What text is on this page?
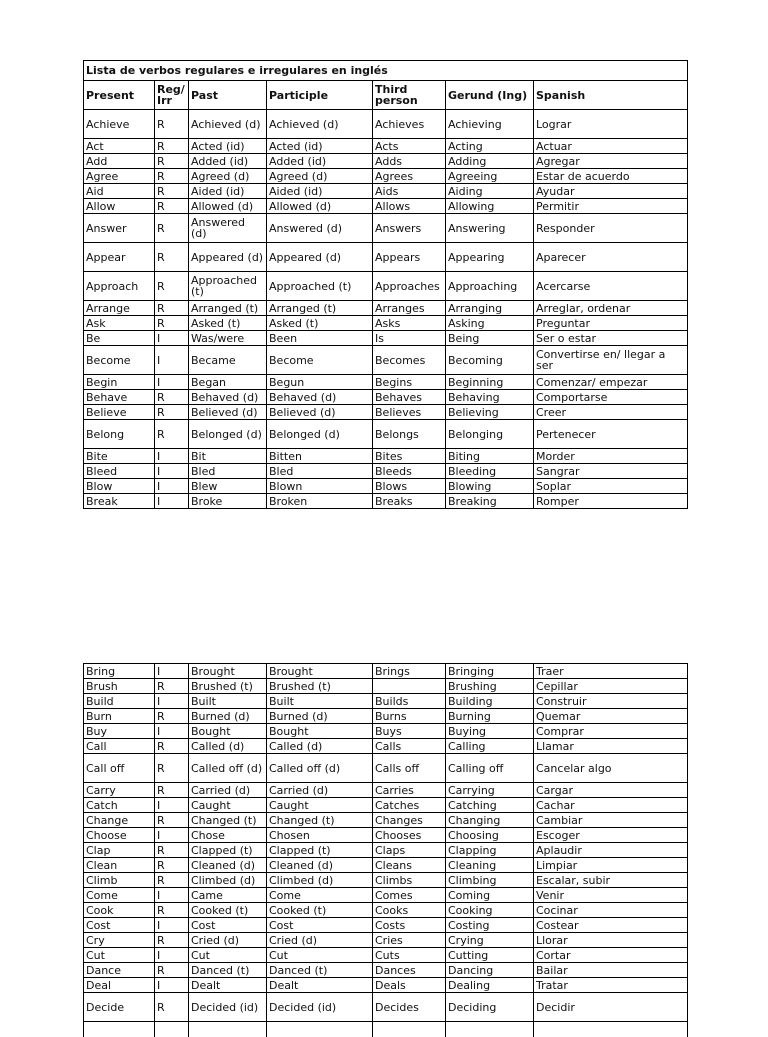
Lista de verbos regulares e irregulares en inglés						
Present	Reg/ Irr	Past	Participle	Third person	Gerund (Ing)	Spanish
Achieve	R	Achieved (d)	Achieved (d)	Achieves	Achieving	Lograr
Act	R	Acted (id)	Acted (id)	Acts	Acting	Actuar
Add	R	Added (id)	Added (id)	Adds	Adding	Agregar
Agree	R	Agreed (d)	Agreed (d)	Agrees	Agreeing	Estar de acuerdo
Aid	R	Aided (id)	Aided (id)	Aids	Aiding	Ayudar
Allow	R	Allowed (d)	Allowed (d)	Allows	Allowing	Permitir
Answer	R	Answered (d)	Answered (d)	Answers	Answering	Responder
Appear	R	Appeared (d)	Appeared (d)	Appears	Appearing	Aparecer
Approach	R	Approached (t)	Approached (t)	Approaches	Approaching	Acercarse
Arrange	R	Arranged (t)	Arranged (t)	Arranges	Arranging	Arreglar, ordenar
Ask	R	Asked (t)	Asked (t)	Asks	Asking	Preguntar
Be	I	Was/were	Been	Is	Being	Ser o estar
Become	I	Became	Become	Becomes	Becoming	Convertirse en/ llegar a ser
Begin	I	Began	Begun	Begins	Beginning	Comenzar/ empezar
Behave	R	Behaved (d)	Behaved (d)	Behaves	Behaving	Comportarse
Believe	R	Believed (d)	Believed (d)	Believes	Believing	Creer
Belong	R	Belonged (d)	Belonged (d)	Belongs	Belonging	Pertenecer
Bite	I	Bit	Bitten	Bites	Biting	Morder
Bleed	I	Bled	Bled	Bleeds	Bleeding	Sangrar
Blow	I	Blew	Blown	Blows	Blowing	Soplar
Break	I	Broke	Broken	Breaks	Breaking	Romper
Bring	I	Brought	Brought	Brings	Bringing	Traer
Brush	R	Brushed (t)	Brushed (t)		Brushing	Cepillar
Build	I	Built	Built	Builds	Building	Construir
Burn	R	Burned (d)	Burned (d)	Burns	Burning	Quemar
Buy	I	Bought	Bought	Buys	Buying	Comprar
Call	R	Called (d)	Called (d)	Calls	Calling	Llamar
Call off	R	Called off (d)	Called off (d)	Calls off	Calling off	Cancelar algo
Carry	R	Carried (d)	Carried (d)	Carries	Carrying	Cargar
Catch	I	Caught	Caught	Catches	Catching	Cachar
Change	R	Changed (t)	Changed (t)	Changes	Changing	Cambiar
Choose	I	Chose	Chosen	Chooses	Choosing	Escoger
Clap	R	Clapped (t)	Clapped (t)	Claps	Clapping	Aplaudir
Clean	R	Cleaned (d)	Cleaned (d)	Cleans	Cleaning	Limpiar
Climb	R	Climbed (d)	Climbed (d)	Climbs	Climbing	Escalar, subir
Come	I	Came	Come	Comes	Coming	Venir
Cook	R	Cooked (t)	Cooked (t)	Cooks	Cooking	Cocinar
Cost	I	Cost	Cost	Costs	Costing	Costear
Cry	R	Cried (d)	Cried (d)	Cries	Crying	Llorar
Cut	I	Cut	Cut	Cuts	Cutting	Cortar
Dance	R	Danced (t)	Danced (t)	Dances	Dancing	Bailar
Deal	I	Dealt	Dealt	Deals	Dealing	Tratar
Decide	R	Decided (id)	Decided (id)	Decides	Deciding	Decidir
